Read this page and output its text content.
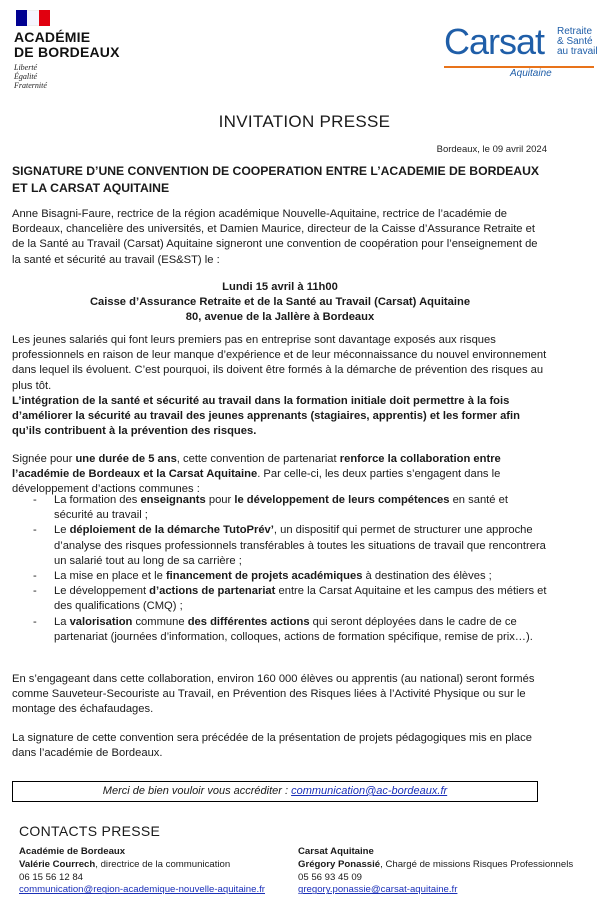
ACADÉMIE
DE BORDEAUX
Liberté
Égalité
Fraternité
Carsat Retraite
& Santé
au travail
Aquitaine
INVITATION PRESSE
Bordeaux, le 09 avril 2024
SIGNATURE D’UNE CONVENTION DE COOPERATION ENTRE L’ACADEMIE DE BORDEAUX ET LA CARSAT AQUITAINE
Anne Bisagni-Faure, rectrice de la région académique Nouvelle-Aquitaine, rectrice de l’académie de Bordeaux, chancelière des universités, et Damien Maurice, directeur de la Caisse d’Assurance Retraite et de la Santé au Travail (Carsat) Aquitaine signeront une convention de coopération pour l’enseignement de la santé et sécurité au travail (ES&ST) le :
Lundi 15 avril à 11h00
Caisse d’Assurance Retraite et de la Santé au Travail (Carsat) Aquitaine
80, avenue de la Jallère à Bordeaux
Les jeunes salariés qui font leurs premiers pas en entreprise sont davantage exposés aux risques professionnels en raison de leur manque d’expérience et de leur méconnaissance du nouvel environnement dans lequel ils évoluent. C’est pourquoi, ils doivent être formés à la démarche de prévention des risques au plus tôt.
L’intégration de la santé et sécurité au travail dans la formation initiale doit permettre à la fois d’améliorer la sécurité au travail des jeunes apprenants (stagiaires, apprentis) et les former afin qu’ils contribuent à la prévention des risques.
Signée pour une durée de 5 ans, cette convention de partenariat renforce la collaboration entre l’académie de Bordeaux et la Carsat Aquitaine. Par celle-ci, les deux parties s’engagent dans le développement d’actions communes :
- La formation des enseignants pour le développement de leurs compétences en santé et sécurité au travail ;
- Le déploiement de la démarche TutoPrév’, un dispositif qui permet de structurer une approche d’analyse des risques professionnels transférables à toutes les situations de travail que rencontrera un salarié tout au long de sa carrière ;
- La mise en place et le financement de projets académiques à destination des élèves ;
- Le développement d’actions de partenariat entre la Carsat Aquitaine et les campus des métiers et des qualifications (CMQ) ;
- La valorisation commune des différentes actions qui seront déployées dans le cadre de ce partenariat (journées d’information, colloques, actions de formation spécifique, remise de prix…).
En s’engageant dans cette collaboration, environ 160 000 élèves ou apprentis (au national) seront formés comme Sauveteur-Secouriste au Travail, en Prévention des Risques liées à l’Activité Physique ou sur le montage des échafaudages.
La signature de cette convention sera précédée de la présentation de projets pédagogiques mis en place dans l’académie de Bordeaux.
Merci de bien vouloir vous accréditer : communication@ac-bordeaux.fr
CONTACTS PRESSE
Académie de Bordeaux
Valérie Courrech, directrice de la communication
06 15 56 12 84
communication@region-academique-nouvelle-aquitaine.fr
Carsat Aquitaine
Grégory Ponassié, Chargé de missions Risques Professionnels
05 56 93 45 09
gregory.ponassie@carsat-aquitaine.fr
